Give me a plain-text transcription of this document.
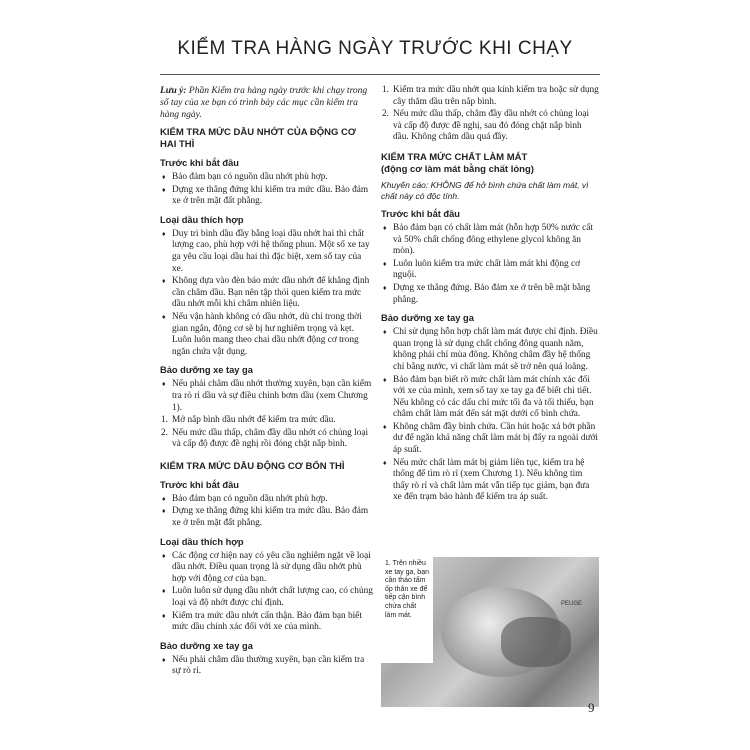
KIỂM TRA HÀNG NGÀY TRƯỚC KHI CHẠY

Lưu ý: Phần Kiểm tra hàng ngày trước khi chạy trong sổ tay của xe bạn có trình bày các mục cần kiểm tra hàng ngày.

KIỂM TRA MỨC DẦU NHỚT CỦA ĐỘNG CƠ HAI THÌ
Trước khi bắt đầu
♦ Bảo đảm bạn có nguồn dầu nhớt phù hợp.
♦ Dựng xe thẳng đứng khi kiểm tra mức dầu. Bảo đảm xe ở trên mặt đất phẳng.
Loại dầu thích hợp
♦ Duy trì bình dầu đầy bằng loại dầu nhớt hai thì chất lượng cao, phù hợp với hệ thống phun. Một số xe tay ga yêu cầu loại dầu hai thì đặc biệt, xem sổ tay của xe.
♦ Không dựa vào đèn báo mức dầu nhớt để khẳng định cần châm dầu. Bạn nên tập thói quen kiểm tra mức dầu nhớt mỗi khi châm nhiên liệu.
♦ Nếu vận hành không có dầu nhớt, dù chỉ trong thời gian ngắn, động cơ sẽ bị hư nghiêm trọng và kẹt. Luôn luôn mang theo chai dầu nhớt động cơ trong ngăn chứa vật dụng.
Bảo dưỡng xe tay ga
♦ Nếu phải châm dầu nhớt thường xuyên, bạn cần kiểm tra rò rỉ dầu và sự điều chỉnh bơm dầu (xem Chương 1).
1. Mở nắp bình dầu nhớt để kiểm tra mức dầu.
2. Nếu mức dầu thấp, châm đầy dầu nhớt có chủng loại và cấp độ được đề nghị rồi đóng chặt nắp bình.
KIỂM TRA MỨC DẦU ĐỘNG CƠ BỐN THÌ
Trước khi bắt đầu
♦ Bảo đảm bạn có nguồn dầu nhớt phù hợp.
♦ Dựng xe thẳng đứng khi kiểm tra mức dầu. Bảo đảm xe ở trên mặt đất phẳng.
Loại dầu thích hợp
♦ Các động cơ hiện nay có yêu cầu nghiêm ngặt về loại dầu nhớt. Điều quan trọng là sử dụng dầu nhớt phù hợp với động cơ của bạn.
♦ Luôn luôn sử dụng dầu nhớt chất lượng cao, có chủng loại và độ nhớt được chỉ định.
♦ Kiểm tra mức dầu nhớt cẩn thận. Bảo đảm bạn biết mức dầu chính xác đối với xe của mình.
Bảo dưỡng xe tay ga
♦ Nếu phải châm dầu thường xuyên, bạn cần kiểm tra sự rò rỉ.
1. Kiểm tra mức dầu nhớt qua kính kiểm tra hoặc sử dụng cây thăm dầu trên nắp bình.
2. Nếu mức dầu thấp, châm đầy dầu nhớt có chủng loại và cấp độ được đề nghị, sau đó đóng chặt nắp bình dầu. Không châm dầu quá đầy.
KIỂM TRA MỨC CHẤT LÀM MÁT
(động cơ làm mát bằng chất lỏng)
Khuyến cáo: KHÔNG để hở bình chứa chất làm mát, vì chất này có độc tính.
Trước khi bắt đầu
♦ Bảo đảm bạn có chất làm mát (hỗn hợp 50% nước cất và 50% chất chống đông ethylene glycol không ăn mòn).
♦ Luôn luôn kiểm tra mức chất làm mát khi động cơ nguội.
♦ Dựng xe thẳng đứng. Bảo đảm xe ở trên bề mặt bằng phẳng.
Bảo dưỡng xe tay ga
♦ Chỉ sử dụng hỗn hợp chất làm mát được chỉ định. Điều quan trọng là sử dụng chất chống đông quanh năm, không phải chỉ mùa đông. Không châm đầy hệ thống chỉ bằng nước, vì chất làm mát sẽ trở nên quá loãng.
♦ Bảo đảm bạn biết rõ mức chất làm mát chính xác đối với xe của mình, xem sổ tay xe tay ga để biết chi tiết. Nếu không có các dấu chỉ mức tối đa và tối thiểu, bạn châm chất làm mát đến sát mặt dưới cổ bình chứa.
♦ Không châm đầy bình chứa. Cần hút hoặc xả bớt phần dư để ngăn khả năng chất làm mát bị đẩy ra ngoài dưới áp suất.
♦ Nếu mức chất làm mát bị giảm liên tục, kiểm tra hệ thống để tìm rò rỉ (xem Chương 1). Nếu không tìm thấy rò rỉ và chất làm mát vẫn tiếp tục giảm, bạn đưa xe đến trạm bảo hành để kiểm tra áp suất.
PEUGE
1. Trên nhiều xe tay ga, bạn cần tháo tấm ốp thân xe để tiếp cận bình chứa chất làm mát.
9
